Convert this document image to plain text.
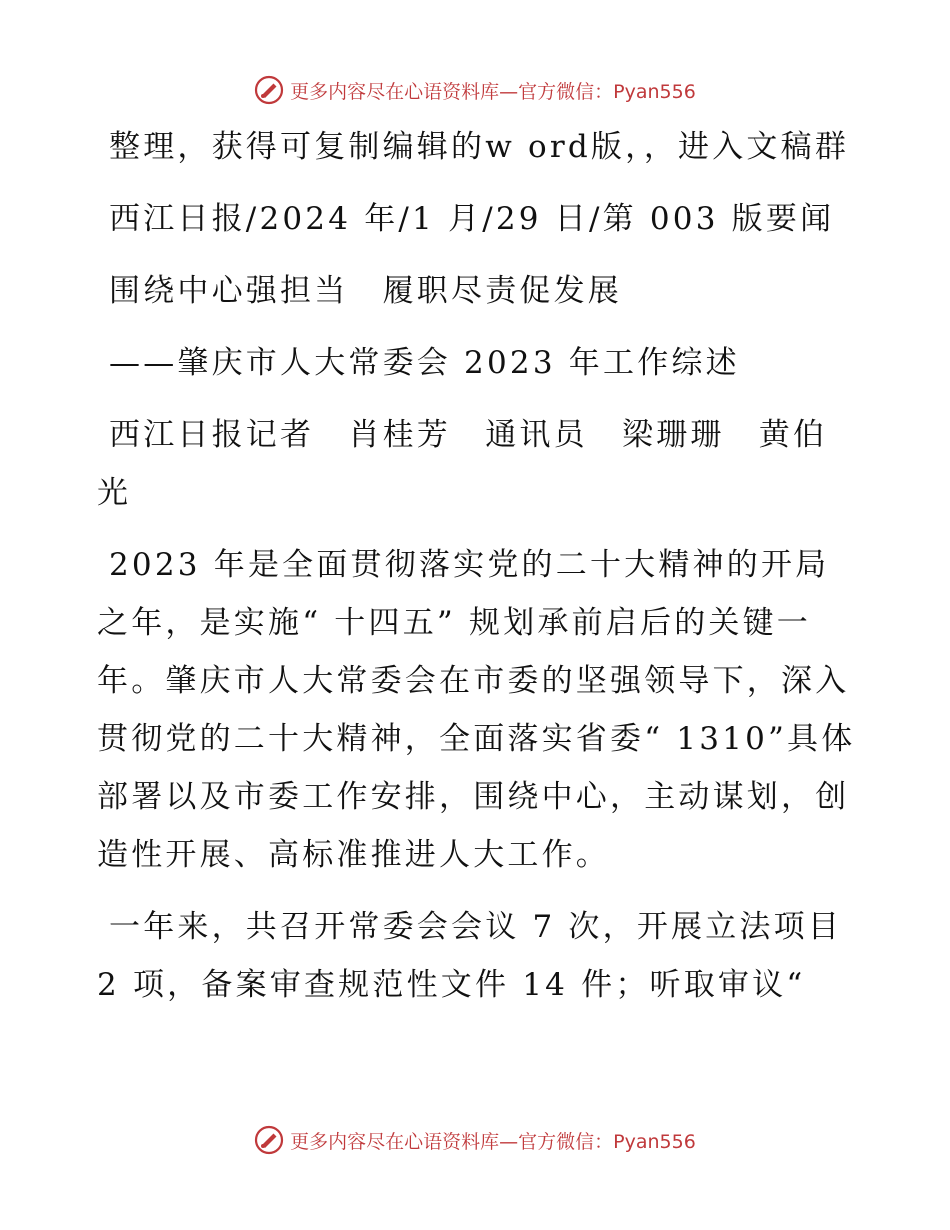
更多内容尽在心语资料库—官方微信：Pyan556

整理，获得可复制编辑的w ord版，，进入文稿群

西江日报/2024 年/1 月/29 日/第 003 版要闻

围绕中心强担当　履职尽责促发展

——肇庆市人大常委会 2023 年工作综述

西江日报记者　肖桂芳　通讯员　梁珊珊　黄伯光

2023 年是全面贯彻落实党的二十大精神的开局之年，是实施“ 十四五” 规划承前启后的关键一年。肇庆市人大常委会在市委的坚强领导下，深入贯彻党的二十大精神，全面落实省委“ 1310”具体部署以及市委工作安排，围绕中心，主动谋划，创造性开展、高标准推进人大工作。

一年来，共召开常委会会议 7 次，开展立法项目 2 项，备案审查规范性文件 14 件；听取审议“

更多内容尽在心语资料库—官方微信：Pyan556
